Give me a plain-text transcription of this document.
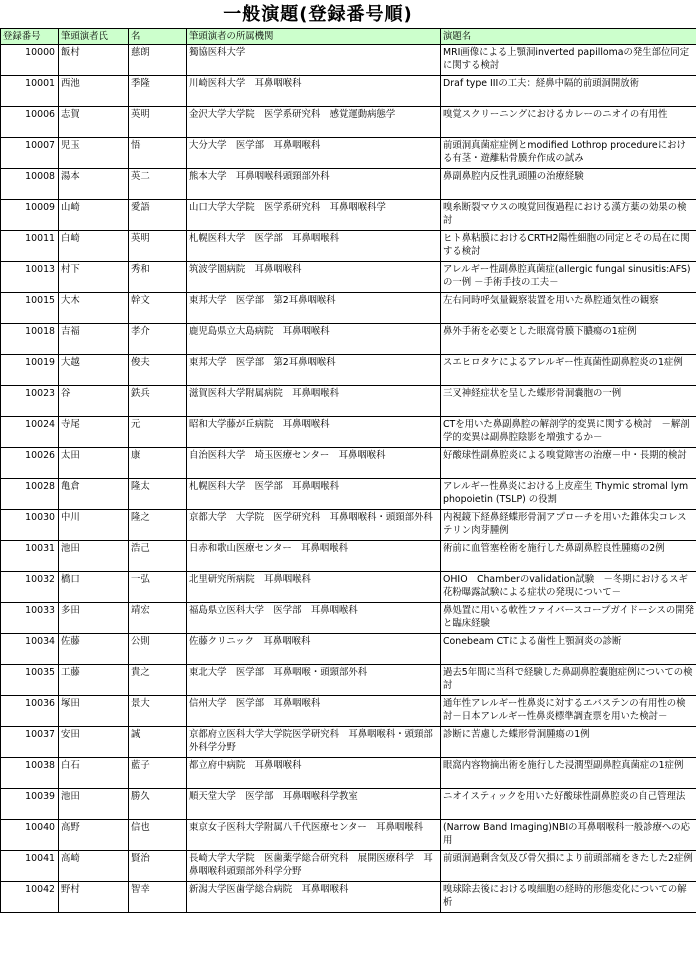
一般演題(登録番号順)
登録番号	筆頭演者氏	名	筆頭演者の所属機関	演題名
10000	飯村	慈朗	獨協医科大学	MRI画像による上顎洞inverted papillomaの発生部位同定に関する検討
10001	西池	季隆	川崎医科大学　耳鼻咽喉科	Draf type IIIの工夫：経鼻中隔的前頭洞開放術
10006	志賀	英明	金沢大学大学院　医学系研究科　感覚運動病態学	嗅覚スクリーニングにおけるカレーのニオイの有用性
10007	児玉	悟	大分大学　医学部　耳鼻咽喉科	前頭洞真菌症症例とmodified Lothrop procedureにおける有茎・遊離粘骨膜弁作成の試み
10008	湯本	英二	熊本大学　耳鼻咽喉科頭頸部外科	鼻副鼻腔内反性乳頭腫の治療経験
10009	山崎	愛語	山口大学大学院　医学系研究科　耳鼻咽喉科学	嗅糸断裂マウスの嗅覚回復過程における漢方薬の効果の検討
10011	白崎	英明	札幌医科大学　医学部　耳鼻咽喉科	ヒト鼻粘膜におけるCRTH2陽性細胞の同定とその局在に関する検討
10013	村下	秀和	筑波学園病院　耳鼻咽喉科	アレルギー性副鼻腔真菌症(allergic fungal sinusitis:AFS)の一例 －手術手技の工夫－
10015	大木	幹文	東邦大学　医学部　第2耳鼻咽喉科	左右同時呼気量観察装置を用いた鼻腔通気性の観察
10018	吉福	孝介	鹿児島県立大島病院　耳鼻咽喉科	鼻外手術を必要とした眼窩骨膜下膿瘍の1症例
10019	大越	俊夫	東邦大学　医学部　第2耳鼻咽喉科	スエヒロタケによるアレルギー性真菌性副鼻腔炎の1症例
10023	谷	鉄兵	滋賀医科大学附属病院　耳鼻咽喉科	三叉神経症状を呈した蝶形骨洞嚢胞の一例
10024	寺尾	元	昭和大学藤が丘病院　耳鼻咽喉科	CTを用いた鼻副鼻腔の解剖学的変異に関する検討　－解剖学的変異は副鼻腔陰影を増強するか－
10026	太田	康	自治医科大学　埼玉医療センター　耳鼻咽喉科	好酸球性副鼻腔炎による嗅覚障害の治療－中・長期的検討
10028	亀倉	隆太	札幌医科大学　医学部　耳鼻咽喉科	アレルギー性鼻炎における上皮産生 Thymic stromal lymphopoietin (TSLP) の役割
10030	中川	隆之	京都大学　大学院　医学研究科　耳鼻咽喉科・頭頸部外科	内視鏡下経鼻経蝶形骨洞アプローチを用いた錐体尖コレステリン肉芽腫例
10031	池田	浩己	日赤和歌山医療センター　耳鼻咽喉科	術前に血管塞栓術を施行した鼻副鼻腔良性腫瘍の2例
10032	橋口	一弘	北里研究所病院　耳鼻咽喉科	OHIO　Chamberのvalidation試験　－冬期におけるスギ花粉曝露試験による症状の発現について－
10033	多田	靖宏	福島県立医科大学　医学部　耳鼻咽喉科	鼻処置に用いる軟性ファイバースコープガイドーシスの開発と臨床経験
10034	佐藤	公則	佐藤クリニック　耳鼻咽喉科	Conebeam CTによる歯性上顎洞炎の診断
10035	工藤	貴之	東北大学　医学部　耳鼻咽喉・頭頸部外科	過去5年間に当科で経験した鼻副鼻腔嚢胞症例についての検討
10036	塚田	景大	信州大学　医学部　耳鼻咽喉科	通年性アレルギー性鼻炎に対するエバステンの有用性の検討－日本アレルギー性鼻炎標準調査票を用いた検討－
10037	安田	誠	京都府立医科大学大学院医学研究科　耳鼻咽喉科・頭頸部外科学分野	診断に苦慮した蝶形骨洞腫瘍の1例
10038	白石	藍子	都立府中病院　耳鼻咽喉科	眼窩内容物摘出術を施行した浸潤型副鼻腔真菌症の1症例
10039	池田	勝久	順天堂大学　医学部　耳鼻咽喉科学教室	ニオイスティックを用いた好酸球性副鼻腔炎の自己管理法
10040	高野	信也	東京女子医科大学附属八千代医療センター　耳鼻咽喉科	(Narrow Band Imaging)NBIの耳鼻咽喉科一般診療への応用
10041	高崎	賢治	長崎大学大学院　医歯薬学総合研究科　展開医療科学　耳鼻咽喉科頭頸部外科学分野	前頭洞過剰含気及び骨欠損により前頭部痛をきたした2症例
10042	野村	智幸	新潟大学医歯学総合病院　耳鼻咽喉科	嗅球除去後における嗅細胞の経時的形態変化についての解析
